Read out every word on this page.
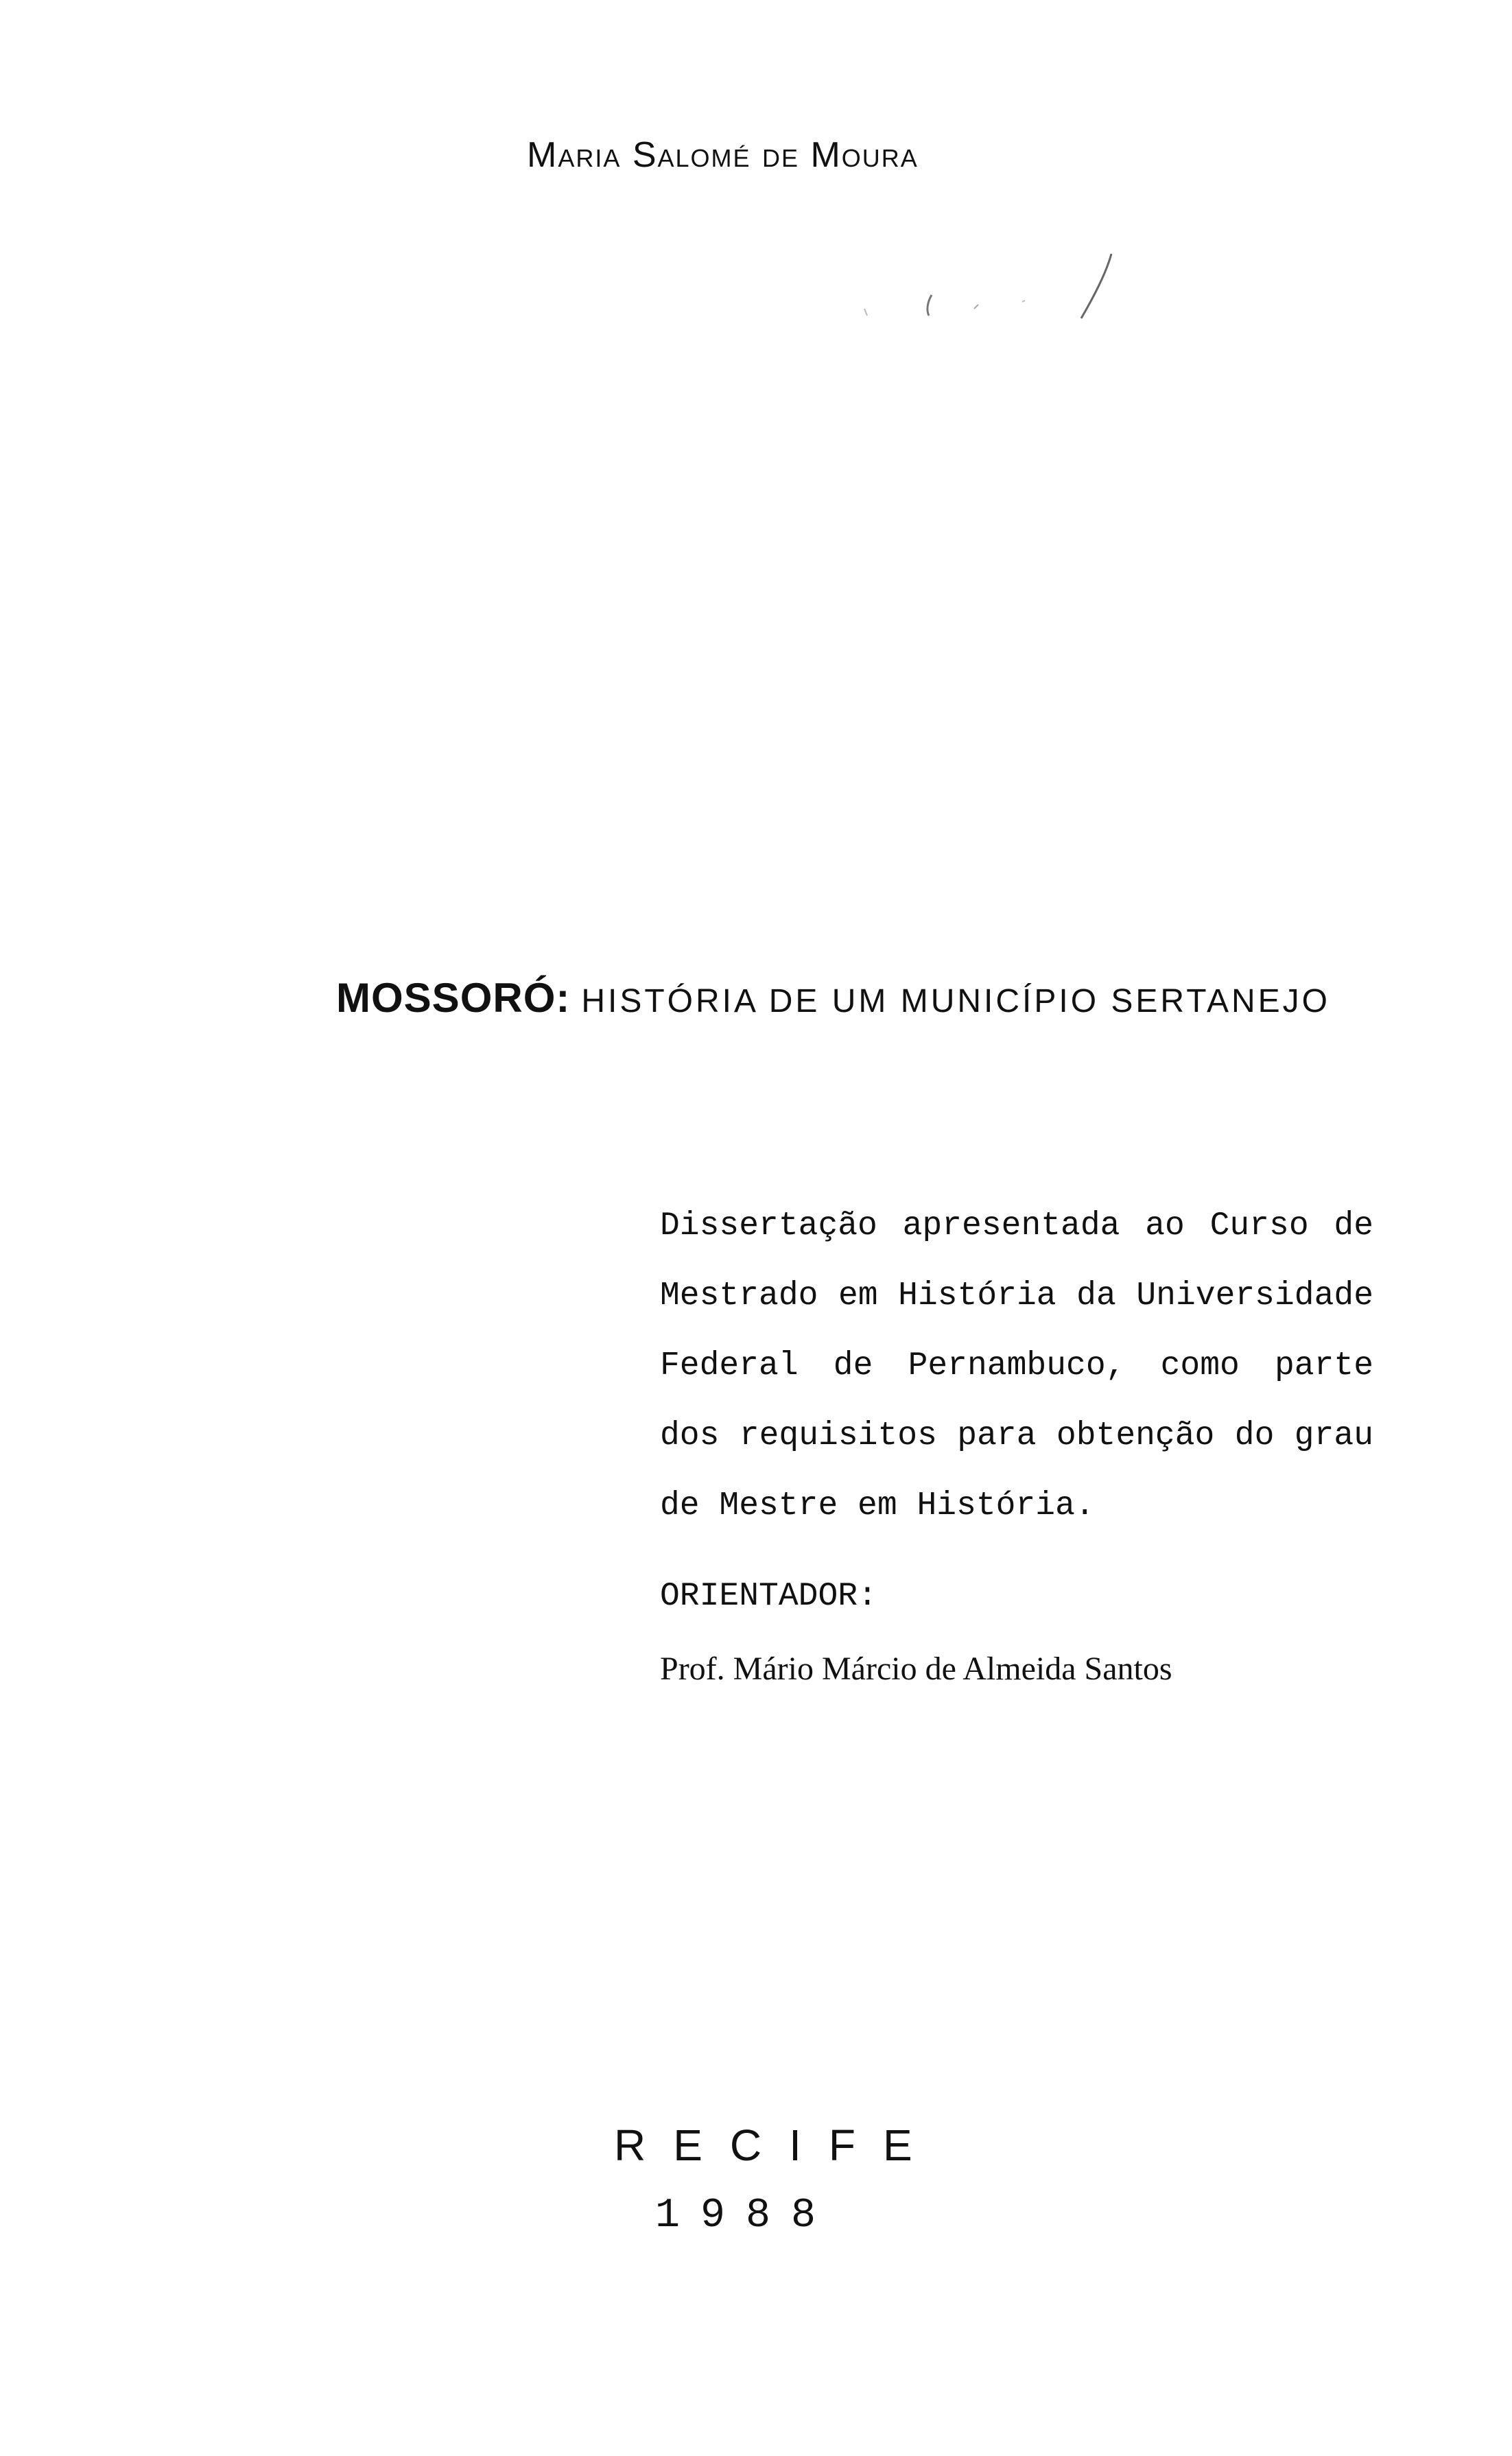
Maria Salomé de Moura
MOSSORÓ: HISTÓRIA DE UM MUNICÍPIO SERTANEJO
Dissertação apresentada ao Curso de
Mestrado em História da Universidade
Federal de Pernambuco, como parte
dos requisitos para obtenção do grau
de Mestre em História.
ORIENTADOR:
Prof. Mário Márcio de Almeida Santos
RECIFE
1988
